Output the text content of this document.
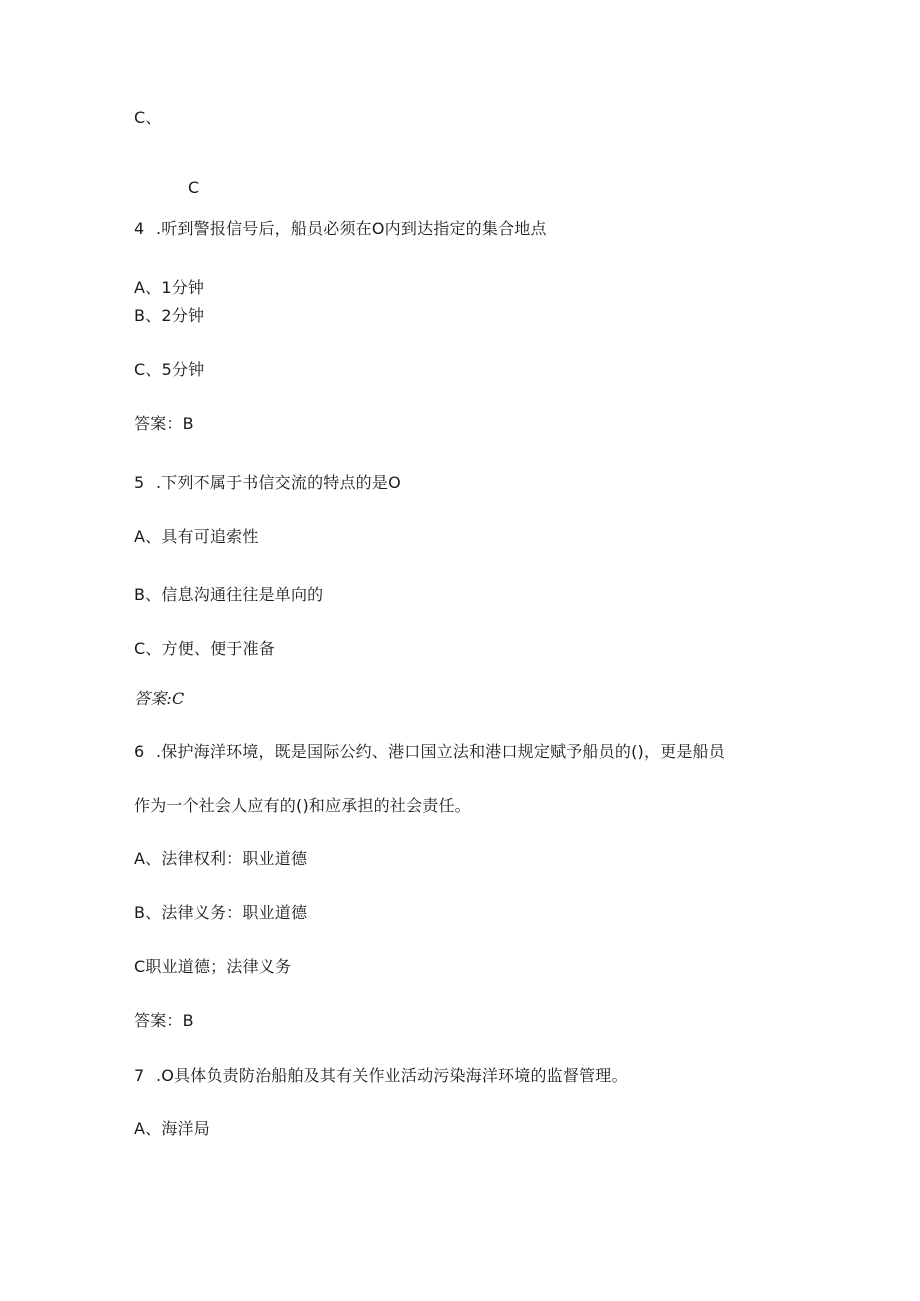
C、
C
4 .听到警报信号后，船员必须在O内到达指定的集合地点
A、1分钟
B、2分钟
C、5分钟
答案：B
5 .下列不属于书信交流的特点的是O
A、具有可追索性
B、信息沟通往往是单向的
C、方便、便于准备
答案:C
6 .保护海洋环境，既是国际公约、港口国立法和港口规定赋予船员的()，更是船员
作为一个社会人应有的()和应承担的社会责任。
A、法律权利：职业道德
B、法律义务：职业道德
C职业道德；法律义务
答案：B
7 .O具体负责防治船舶及其有关作业活动污染海洋环境的监督管理。
A、海洋局
